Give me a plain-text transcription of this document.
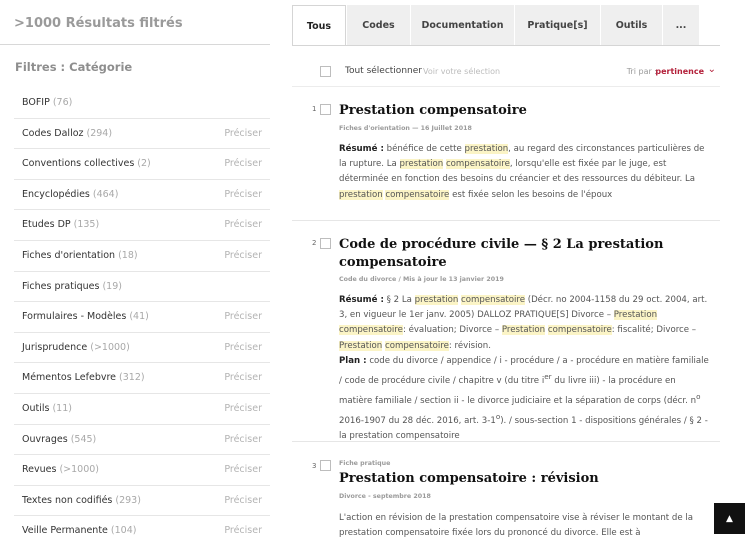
>1000 Résultats filtrés
Filtres : Catégorie
BOFIP (76)
Codes Dalloz (294)	Préciser
Conventions collectives (2)	Préciser
Encyclopédies (464)	Préciser
Etudes DP (135)	Préciser
Fiches d'orientation (18)	Préciser
Fiches pratiques (19)
Formulaires - Modèles (41)	Préciser
Jurisprudence (>1000)	Préciser
Mémentos Lefebvre (312)	Préciser
Outils (11)	Préciser
Ouvrages (545)	Préciser
Revues (>1000)	Préciser
Textes non codifiés (293)	Préciser
Veille Permanente (104)	Préciser
Tous	Codes	Documentation	Pratique[s]	Outils	...
Tout sélectionner Voir votre sélection	Tri par :
pertinence ⌄
1 Prestation compensatoire
Fiches d'orientation — 16 Juillet 2018
Résumé : bénéfice de cette prestation, au regard des circonstances particulières de la rupture. La prestation compensatoire, lorsqu'elle est fixée par le juge, est déterminée en fonction des besoins du créancier et des ressources du débiteur. La prestation compensatoire est fixée selon les besoins de l'époux
2 Code de procédure civile — § 2 La prestation compensatoire
Code du divorce / Mis à jour le 13 janvier 2019
Résumé : § 2 La prestation compensatoire (Décr. no 2004-1158 du 29 oct. 2004, art. 3, en vigueur le 1er janv. 2005) DALLOZ PRATIQUE[S] Divorce – Prestation compensatoire: évaluation; Divorce – Prestation compensatoire: fiscalité; Divorce – Prestation compensatoire: révision.
Plan : code du divorce / appendice / i - procédure / a - procédure en matière familiale / code de procédure civile / chapitre v (du titre $i^{er}$ du livre iii) - la procédure en matière familiale / section ii - le divorce judiciaire et la séparation de corps (décr. $n^o$ 2016-1907 du 28 déc. 2016, art. 3-1$^o$). / sous-section 1 - dispositions générales / § 2 - la prestation compensatoire
3	Fiche pratique
Prestation compensatoire : révision
Divorce - septembre 2018
L'action en révision de la prestation compensatoire vise à réviser le montant de la prestation compensatoire fixée lors du prononcé du divorce. Elle est à
▲
